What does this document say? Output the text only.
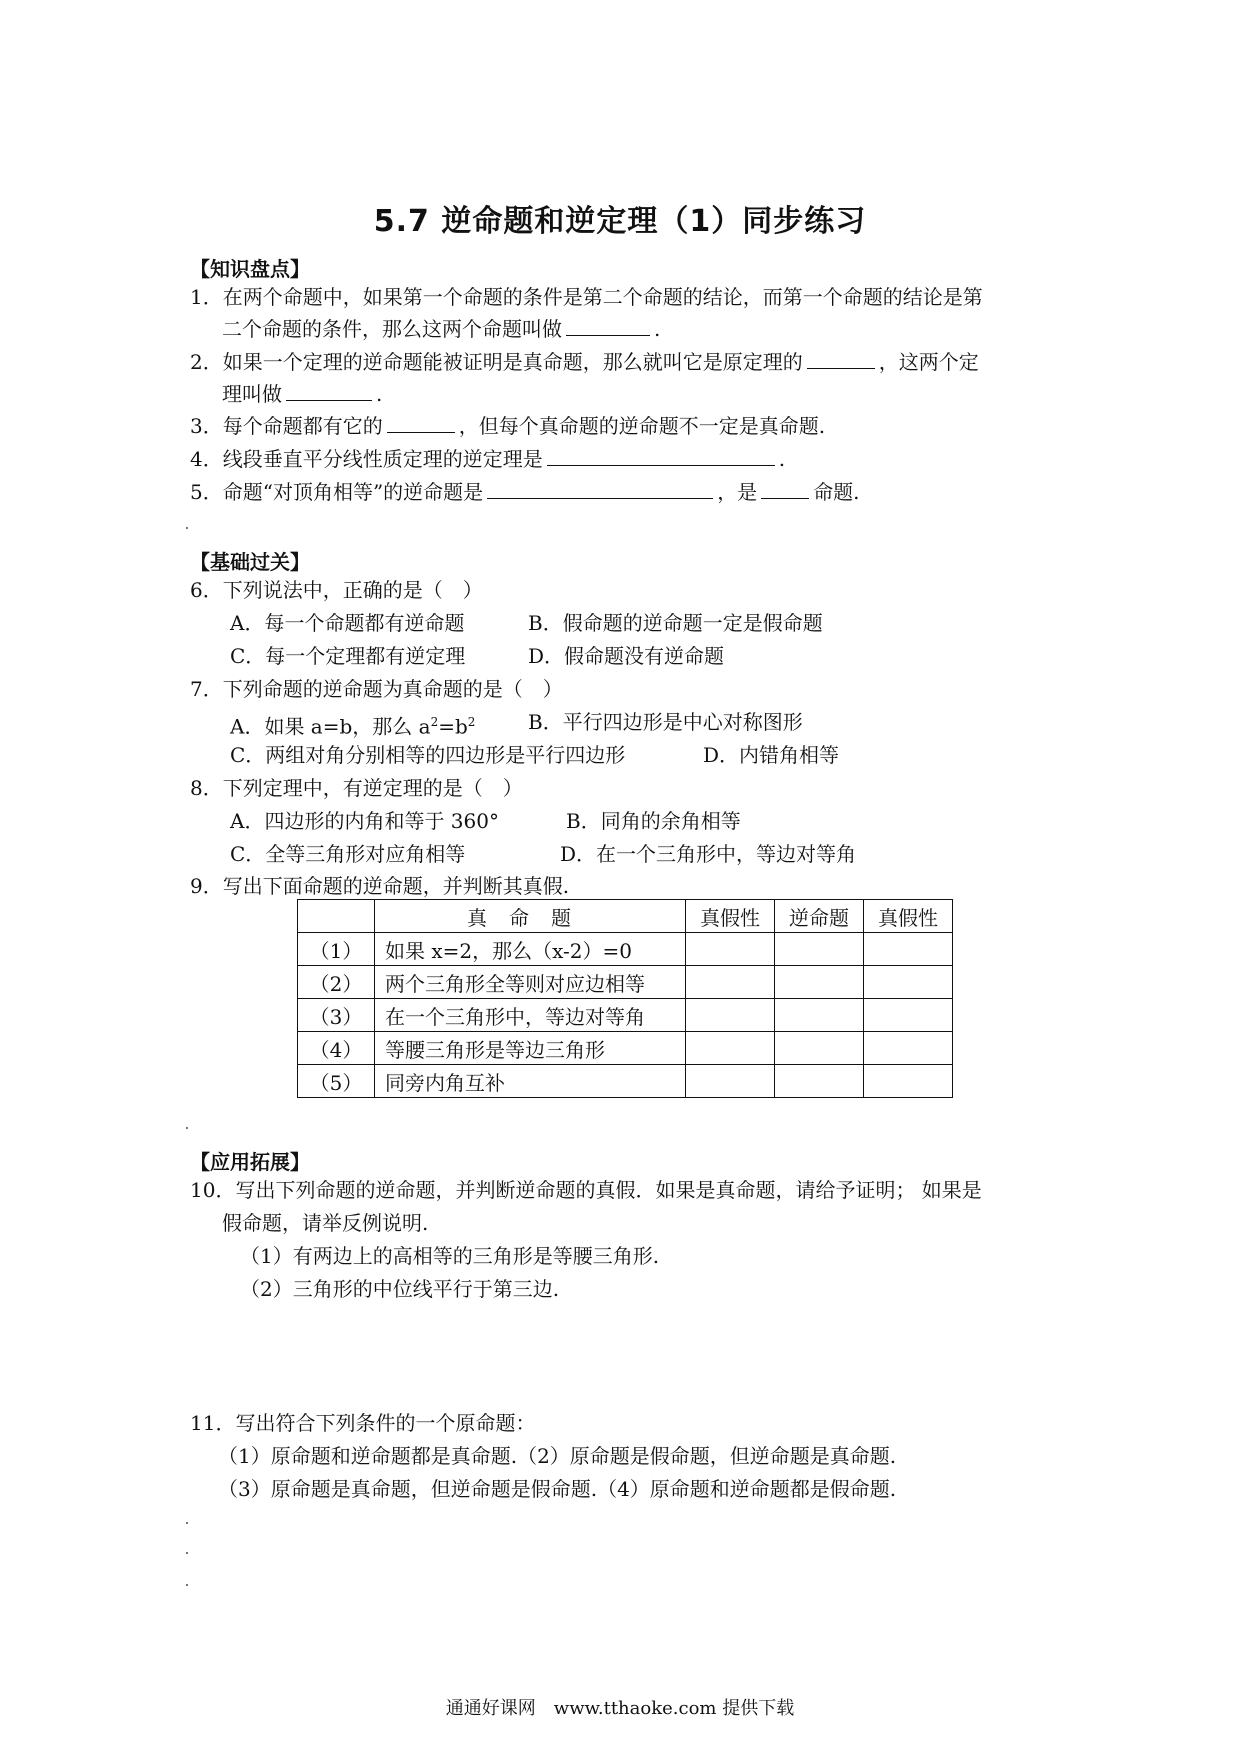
5.7 逆命题和逆定理（1）同步练习
【知识盘点】
1．在两个命题中，如果第一个命题的条件是第二个命题的结论，而第一个命题的结论是第
二个命题的条件，那么这两个命题叫做	.
2．如果一个定理的逆命题能被证明是真命题，那么就叫它是原定理的	，这两个定
理叫做	.
3．每个命题都有它的	，但每个真命题的逆命题不一定是真命题.
4．线段垂直平分线性质定理的逆定理是	.
5．命题“对顶角相等”的逆命题是	，是	命题.
【基础过关】
6．下列说法中，正确的是（　）
A．每一个命题都有逆命题	B．假命题的逆命题一定是假命题
C．每一个定理都有逆定理	D．假命题没有逆命题
7．下列命题的逆命题为真命题的是（　）
A．如果 a=b，那么 $a^2=b^2$	B．平行四边形是中心对称图形
C．两组对角分别相等的四边形是平行四边形	D．内错角相等
8．下列定理中，有逆定理的是（　）
A．四边形的内角和等于 360°	B．同角的余角相等
C．全等三角形对应角相等	D．在一个三角形中，等边对等角
9．写出下面命题的逆命题，并判断其真假.
	真命题	真假性	逆命题	真假性
（1）	如果 x=2，那么（x-2）=0			
（2）	两个三角形全等则对应边相等			
（3）	在一个三角形中，等边对等角			
（4）	等腰三角形是等边三角形			
（5）	同旁内角互补			
【应用拓展】
10．写出下列命题的逆命题，并判断逆命题的真假．如果是真命题，请给予证明； 如果是
假命题，请举反例说明.
（1）有两边上的高相等的三角形是等腰三角形.
（2）三角形的中位线平行于第三边.
11．写出符合下列条件的一个原命题：
（1）原命题和逆命题都是真命题.（2）原命题是假命题，但逆命题是真命题.
（3）原命题是真命题，但逆命题是假命题.（4）原命题和逆命题都是假命题.
通通好课网　www.tthaoke.com 提供下载
